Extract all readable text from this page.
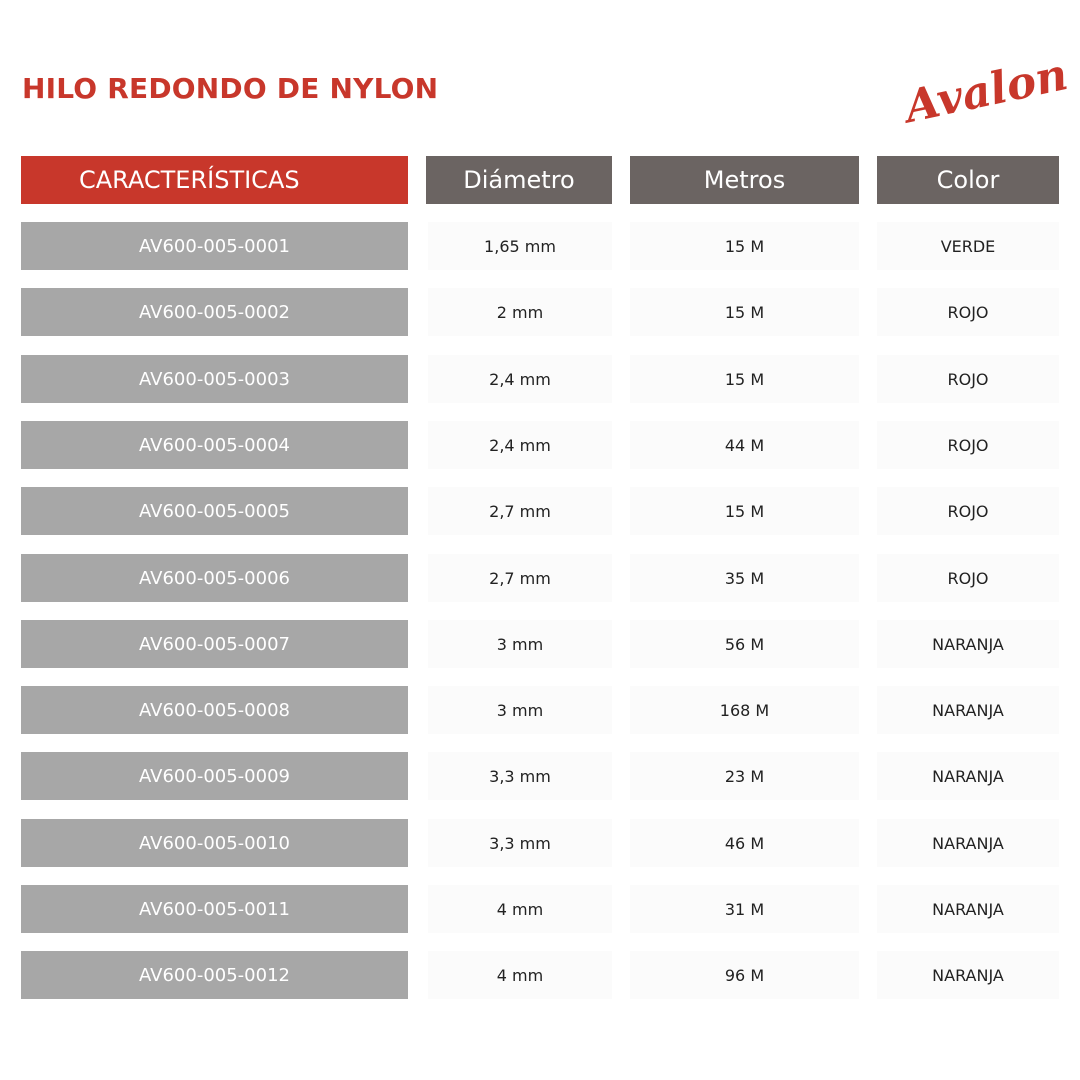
HILO REDONDO DE NYLON	Avalon
CARACTERÍSTICAS	Diámetro	Metros	Color
AV600-005-0001	1,65 mm	15 M	VERDE
AV600-005-0002	2 mm	15 M	ROJO
AV600-005-0003	2,4 mm	15 M	ROJO
AV600-005-0004	2,4 mm	44 M	ROJO
AV600-005-0005	2,7 mm	15 M	ROJO
AV600-005-0006	2,7 mm	35 M	ROJO
AV600-005-0007	3 mm	56 M	NARANJA
AV600-005-0008	3 mm	168 M	NARANJA
AV600-005-0009	3,3 mm	23 M	NARANJA
AV600-005-0010	3,3 mm	46 M	NARANJA
AV600-005-0011	4 mm	31 M	NARANJA
AV600-005-0012	4 mm	96 M	NARANJA
